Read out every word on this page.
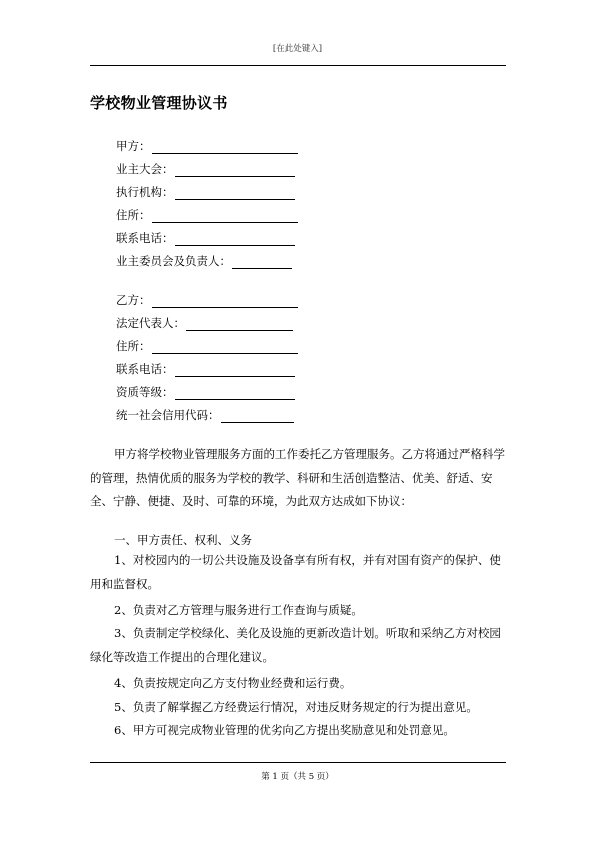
[在此处键入]
学校物业管理协议书
甲方：
业主大会：
执行机构：
住所：
联系电话：
业主委员会及负责人：
乙方：
法定代表人：
住所：
联系电话：
资质等级：
统一社会信用代码：
甲方将学校物业管理服务方面的工作委托乙方管理服务。乙方将通过严格科学的管理，热情优质的服务为学校的教学、科研和生活创造整洁、优美、舒适、安全、宁静、便捷、及时、可靠的环境，为此双方达成如下协议：
一、甲方责任、权利、义务
1、对校园内的一切公共设施及设备享有所有权，并有对国有资产的保护、使用和监督权。
2、负责对乙方管理与服务进行工作查询与质疑。
3、负责制定学校绿化、美化及设施的更新改造计划。听取和采纳乙方对校园绿化等改造工作提出的合理化建议。
4、负责按规定向乙方支付物业经费和运行费。
5、负责了解掌握乙方经费运行情况，对违反财务规定的行为提出意见。
6、甲方可视完成物业管理的优劣向乙方提出奖励意见和处罚意见。
第 1 页（共 5 页）
